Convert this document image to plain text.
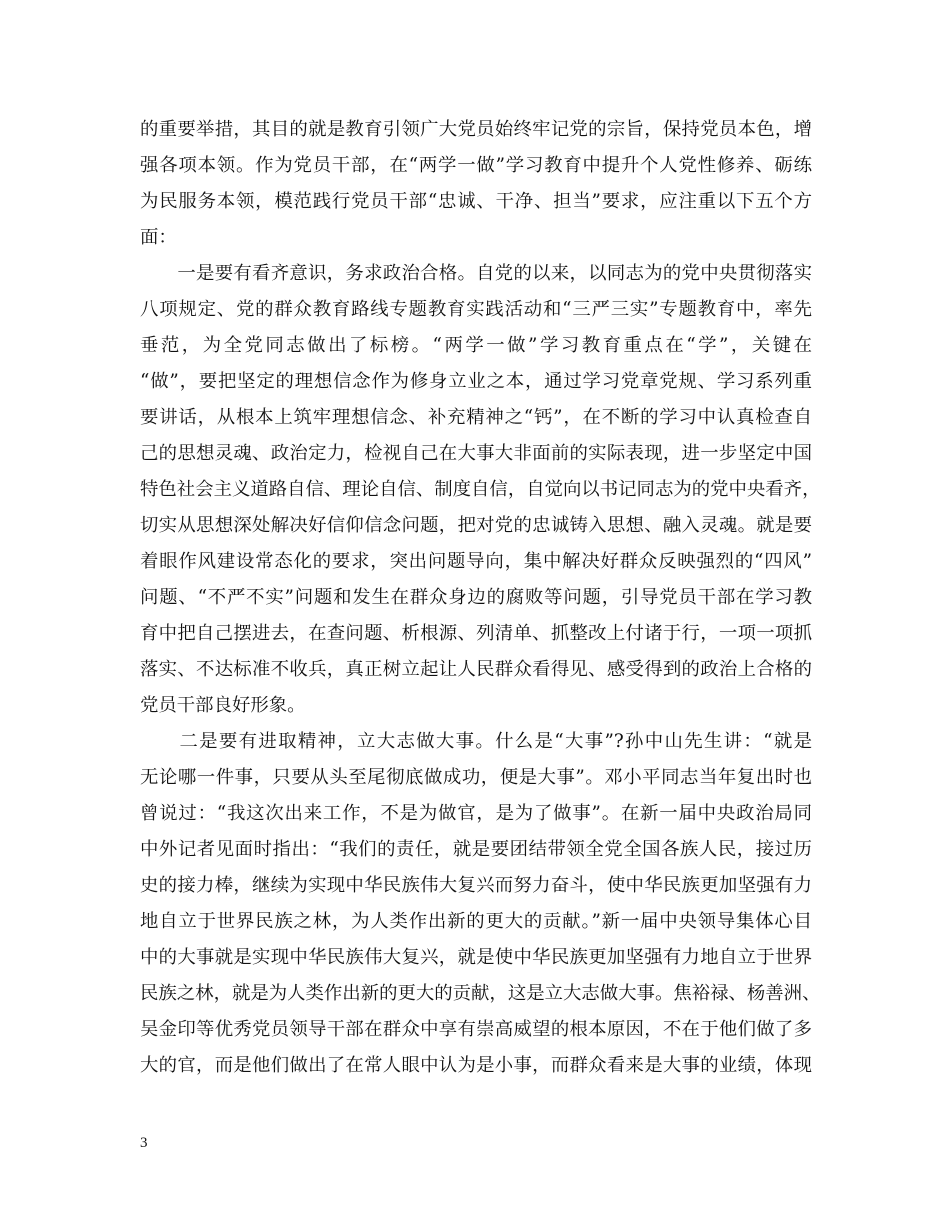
的重要举措，其目的就是教育引领广大党员始终牢记党的宗旨，保持党员本色，增
强各项本领。作为党员干部，在“两学一做”学习教育中提升个人党性修养、砺练
为民服务本领，模范践行党员干部“忠诚、干净、担当”要求，应注重以下五个方
面：
　　一是要有看齐意识，务求政治合格。自党的以来，以同志为的党中央贯彻落实
八项规定、党的群众教育路线专题教育实践活动和“三严三实”专题教育中，率先
垂范，为全党同志做出了标榜。“两学一做”学习教育重点在“学”，关键在
“做”，要把坚定的理想信念作为修身立业之本，通过学习党章党规、学习系列重
要讲话，从根本上筑牢理想信念、补充精神之“钙”，在不断的学习中认真检查自
己的思想灵魂、政治定力，检视自己在大事大非面前的实际表现，进一步坚定中国
特色社会主义道路自信、理论自信、制度自信，自觉向以书记同志为的党中央看齐，
切实从思想深处解决好信仰信念问题，把对党的忠诚铸入思想、融入灵魂。就是要
着眼作风建设常态化的要求，突出问题导向，集中解决好群众反映强烈的“四风”
问题、“不严不实”问题和发生在群众身边的腐败等问题，引导党员干部在学习教
育中把自己摆进去，在查问题、析根源、列清单、抓整改上付诸于行，一项一项抓
落实、不达标准不收兵，真正树立起让人民群众看得见、感受得到的政治上合格的
党员干部良好形象。
　　二是要有进取精神，立大志做大事。什么是“大事”?孙中山先生讲：“就是
无论哪一件事，只要从头至尾彻底做成功，便是大事”。邓小平同志当年复出时也
曾说过：“我这次出来工作，不是为做官，是为了做事”。在新一届中央政治局同
中外记者见面时指出：“我们的责任，就是要团结带领全党全国各族人民，接过历
史的接力棒，继续为实现中华民族伟大复兴而努力奋斗，使中华民族更加坚强有力
地自立于世界民族之林，为人类作出新的更大的贡献。”新一届中央领导集体心目
中的大事就是实现中华民族伟大复兴，就是使中华民族更加坚强有力地自立于世界
民族之林，就是为人类作出新的更大的贡献，这是立大志做大事。焦裕禄、杨善洲、
吴金印等优秀党员领导干部在群众中享有崇高威望的根本原因，不在于他们做了多
大的官，而是他们做出了在常人眼中认为是小事，而群众看来是大事的业绩，体现
3
